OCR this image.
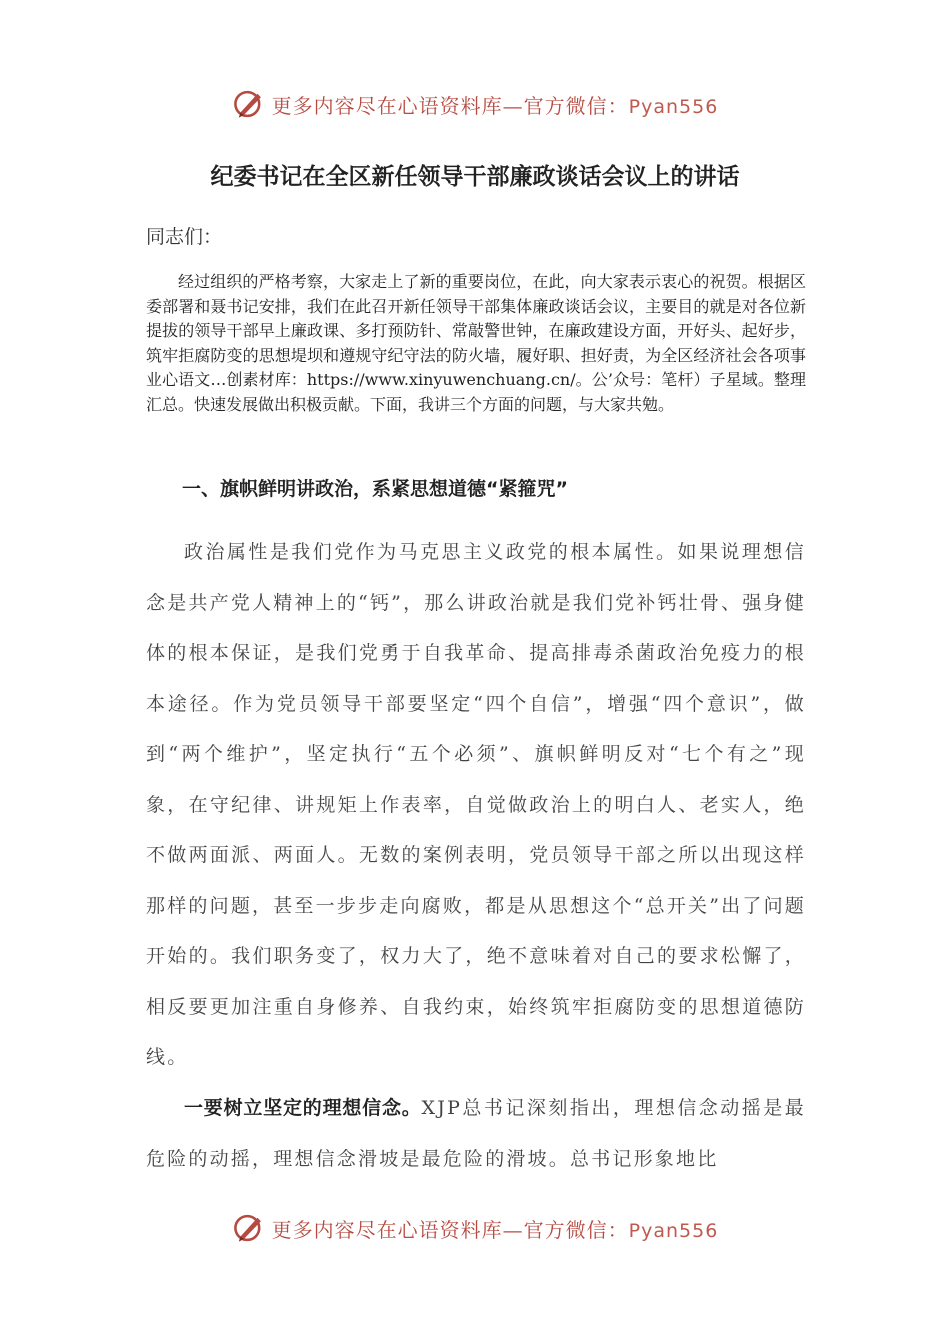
更多内容尽在心语资料库—官方微信：Pyan556
纪委书记在全区新任领导干部廉政谈话会议上的讲话
同志们：
经过组织的严格考察，大家走上了新的重要岗位，在此，向大家表示衷心的祝贺。根据区委部署和聂书记安排，我们在此召开新任领导干部集体廉政谈话会议，主要目的就是对各位新提拔的领导干部早上廉政课、多打预防针、常敲警世钟，在廉政建设方面，开好头、起好步，筑牢拒腐防变的思想堤坝和遵规守纪守法的防火墙，履好职、担好责，为全区经济社会各项事业心语文…创素材库：https://www.xinyuwenchuang.cn/。公’众号：笔杆）子星域。整理汇总。快速发展做出积极贡献。下面，我讲三个方面的问题，与大家共勉。
一、旗帜鲜明讲政治，系紧思想道德“紧箍咒”
政治属性是我们党作为马克思主义政党的根本属性。如果说理想信念是共产党人精神上的“钙”，那么讲政治就是我们党补钙壮骨、强身健体的根本保证，是我们党勇于自我革命、提高排毒杀菌政治免疫力的根本途径。作为党员领导干部要坚定“四个自信”，增强“四个意识”，做到“两个维护”，坚定执行“五个必须”、旗帜鲜明反对“七个有之”现象，在守纪律、讲规矩上作表率，自觉做政治上的明白人、老实人，绝不做两面派、两面人。无数的案例表明，党员领导干部之所以出现这样那样的问题，甚至一步步走向腐败，都是从思想这个“总开关”出了问题开始的。我们职务变了，权力大了，绝不意味着对自己的要求松懈了，相反要更加注重自身修养、自我约束，始终筑牢拒腐防变的思想道德防线。
一要树立坚定的理想信念。XJP总书记深刻指出，理想信念动摇是最危险的动摇，理想信念滑坡是最危险的滑坡。总书记形象地比
更多内容尽在心语资料库—官方微信：Pyan556
